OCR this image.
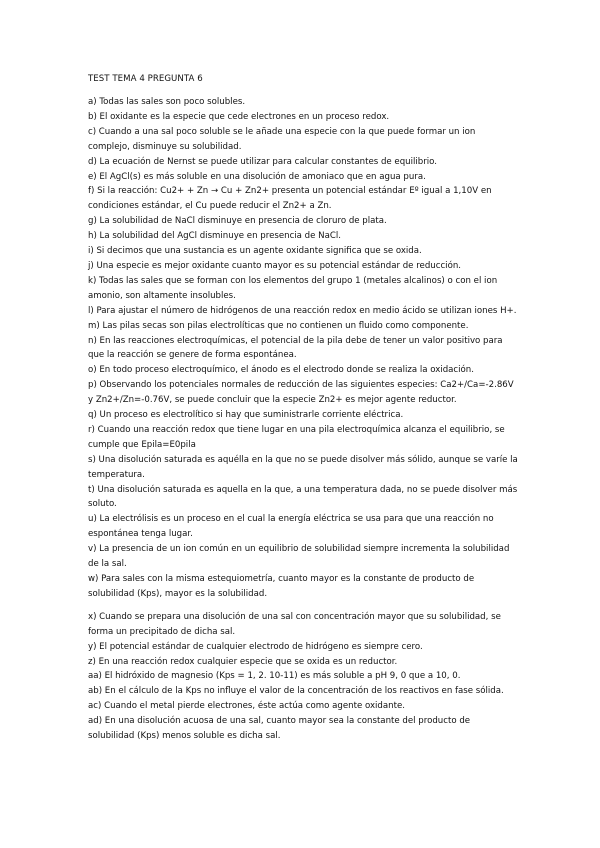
TEST TEMA 4 PREGUNTA 6

a) Todas las sales son poco solubles.

b) El oxidante es la especie que cede electrones en un proceso redox.

c) Cuando a una sal poco soluble se le añade una especie con la que puede formar un ion complejo, disminuye su solubilidad.

d) La ecuación de Nernst se puede utilizar para calcular constantes de equilibrio.

e) El AgCl(s) es más soluble en una disolución de amoniaco que en agua pura.

f) Si la reacción: Cu2+ + Zn → Cu + Zn2+ presenta un potencial estándar Eº igual a 1,10V en condiciones estándar, el Cu puede reducir el Zn2+ a Zn.

g) La solubilidad de NaCl disminuye en presencia de cloruro de plata.

h) La solubilidad del AgCl disminuye en presencia de NaCl.

i) Si decimos que una sustancia es un agente oxidante significa que se oxida.

j) Una especie es mejor oxidante cuanto mayor es su potencial estándar de reducción.

k) Todas las sales que se forman con los elementos del grupo 1 (metales alcalinos) o con el ion amonio, son altamente insolubles.

l) Para ajustar el número de hidrógenos de una reacción redox en medio ácido se utilizan iones H+.

m) Las pilas secas son pilas electrolíticas que no contienen un fluido como componente.

n) En las reacciones electroquímicas, el potencial de la pila debe de tener un valor positivo para que la reacción se genere de forma espontánea.

o) En todo proceso electroquímico, el ánodo es el electrodo donde se realiza la oxidación.

p) Observando los potenciales normales de reducción de las siguientes especies: Ca2+/Ca=-2.86V y Zn2+/Zn=-0.76V, se puede concluir que la especie Zn2+ es mejor agente reductor.

q) Un proceso es electrolítico si hay que suministrarle corriente eléctrica.

r) Cuando una reacción redox que tiene lugar en una pila electroquímica alcanza el equilibrio, se cumple que Epila=E0pila

s) Una disolución saturada es aquélla en la que no se puede disolver más sólido, aunque se varíe la temperatura.

t) Una disolución saturada es aquella en la que, a una temperatura dada, no se puede disolver más soluto.

u) La electrólisis es un proceso en el cual la energía eléctrica se usa para que una reacción no espontánea tenga lugar.

v) La presencia de un ion común en un equilibrio de solubilidad siempre incrementa la solubilidad de la sal.

w) Para sales con la misma estequiometría, cuanto mayor es la constante de producto de solubilidad (Kps), mayor es la solubilidad.

x) Cuando se prepara una disolución de una sal con concentración mayor que su solubilidad, se forma un precipitado de dicha sal.

y) El potencial estándar de cualquier electrodo de hidrógeno es siempre cero.

z) En una reacción redox cualquier especie que se oxida es un reductor.

aa) El hidróxido de magnesio (Kps = 1, 2. 10-11) es más soluble a pH 9, 0 que a 10, 0.

ab) En el cálculo de la Kps no influye el valor de la concentración de los reactivos en fase sólida.

ac) Cuando el metal pierde electrones, éste actúa como agente oxidante.

ad) En una disolución acuosa de una sal, cuanto mayor sea la constante del producto de solubilidad (Kps) menos soluble es dicha sal.
